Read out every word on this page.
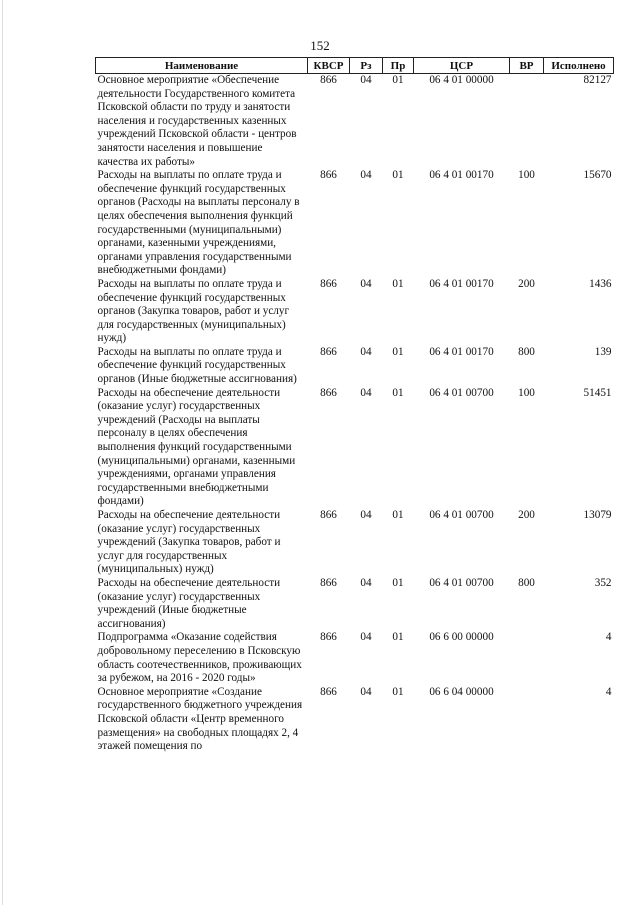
152
Наименование	КВСР	Рз	Пр	ЦСР	ВР	Исполнено
Основное мероприятие «Обеспечение деятельности Государственного комитета Псковской области по труду и занятости населения и государственных казенных учреждений Псковской области - центров занятости населения и повышение качества их работы»	866	04	01	06 4 01 00000		82127
Расходы на выплаты по оплате труда и обеспечение функций государственных органов (Расходы на выплаты персоналу в целях обеспечения выполнения функций государственными (муниципальными) органами, казенными учреждениями, органами управления государственными внебюджетными фондами)	866	04	01	06 4 01 00170	100	15670
Расходы на выплаты по оплате труда и обеспечение функций государственных органов (Закупка товаров, работ и услуг для государственных (муниципальных) нужд)	866	04	01	06 4 01 00170	200	1436
Расходы на выплаты по оплате труда и обеспечение функций государственных органов (Иные бюджетные ассигнования)	866	04	01	06 4 01 00170	800	139
Расходы на обеспечение деятельности (оказание услуг) государственных учреждений (Расходы на выплаты персоналу в целях обеспечения выполнения функций государственными (муниципальными) органами, казенными учреждениями, органами управления государственными внебюджетными фондами)	866	04	01	06 4 01 00700	100	51451
Расходы на обеспечение деятельности (оказание услуг) государственных учреждений (Закупка товаров, работ и услуг для государственных (муниципальных) нужд)	866	04	01	06 4 01 00700	200	13079
Расходы на обеспечение деятельности (оказание услуг) государственных учреждений (Иные бюджетные ассигнования)	866	04	01	06 4 01 00700	800	352
Подпрограмма «Оказание содействия добровольному переселению в Псковскую область соотечественников, проживающих за рубежом, на 2016 - 2020 годы»	866	04	01	06 6 00 00000		4
Основное мероприятие «Создание государственного бюджетного учреждения Псковской области «Центр временного размещения» на свободных площадях 2, 4 этажей помещения по	866	04	01	06 6 04 00000		4
